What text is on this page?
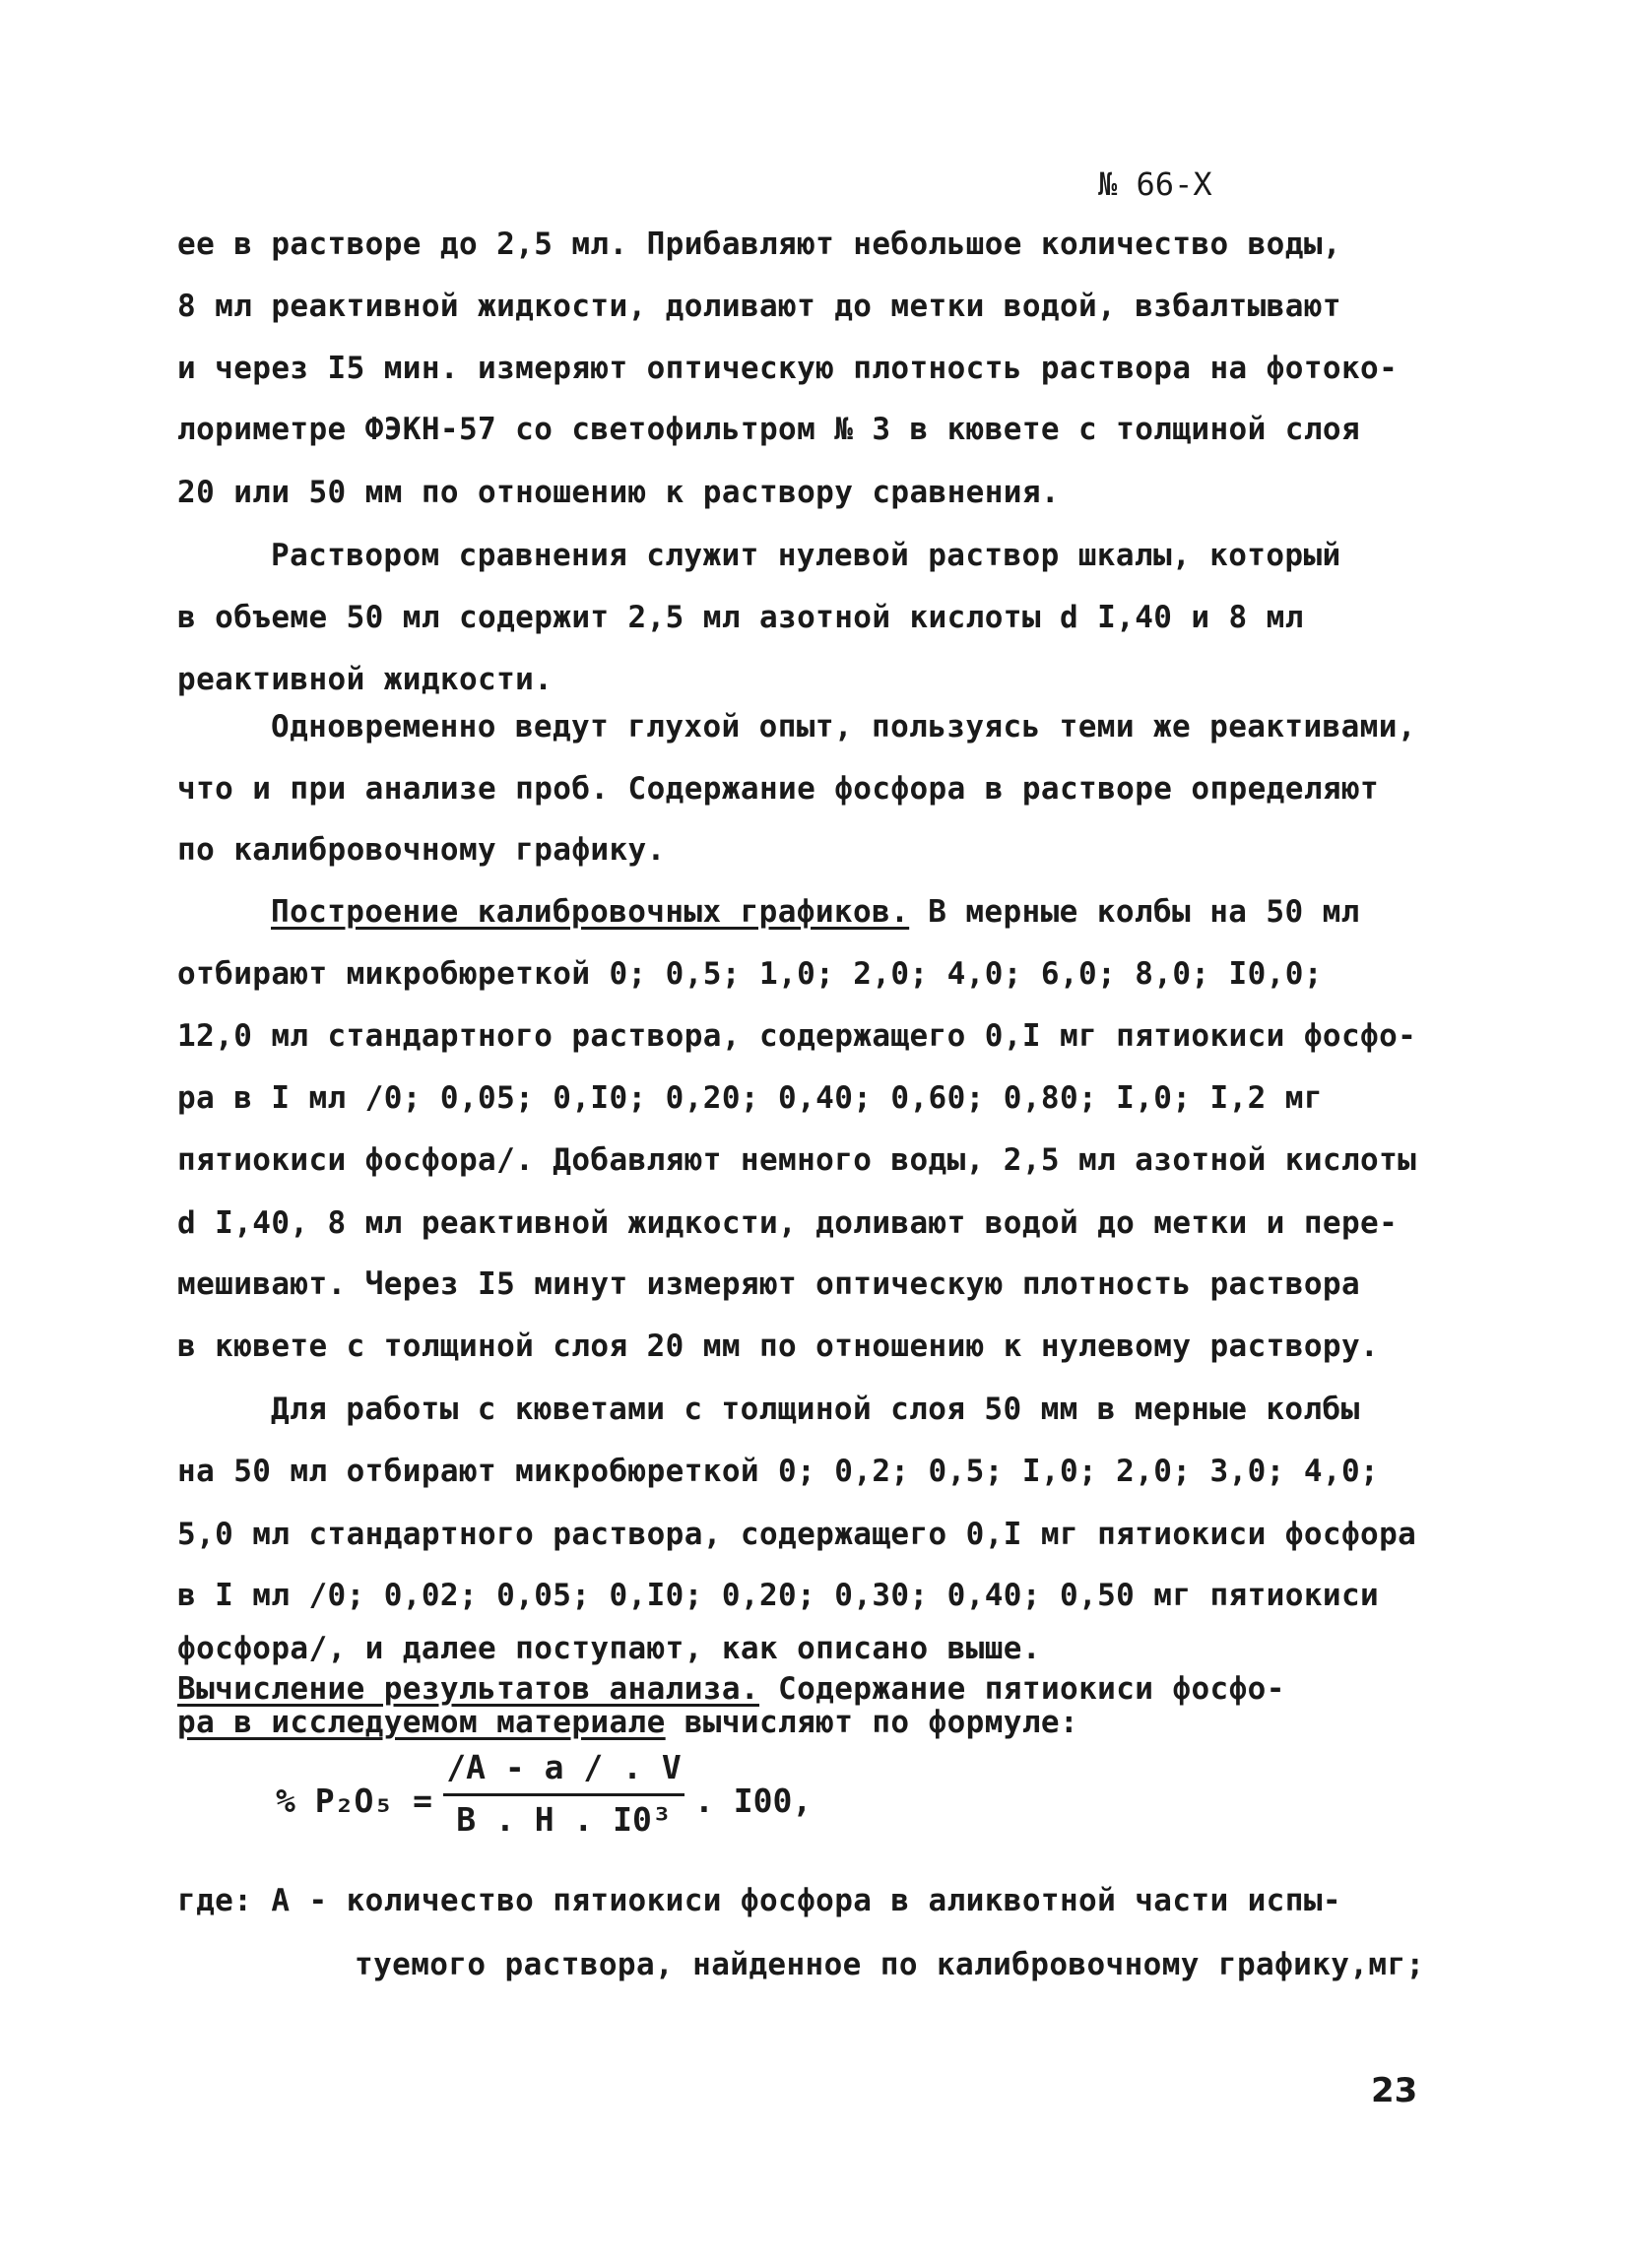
№ 66-Х
ее в растворе до 2,5 мл. Прибавляют небольшое количество воды,
8 мл реактивной жидкости, доливают до метки водой, взбалтывают
и через I5 мин. измеряют оптическую плотность раствора на фотоко-
лориметре ФЭКН-57 со светофильтром № 3 в кювете с толщиной слоя
20 или 50 мм по отношению к раствору сравнения.
Раствором сравнения служит нулевой раствор шкалы, который
в объеме 50 мл содержит 2,5 мл азотной кислоты d I,40 и 8 мл
реактивной жидкости.
Одновременно ведут глухой опыт, пользуясь теми же реактивами,
что и при анализе проб. Содержание фосфора в растворе определяют
по калибровочному графику.
Построение калибровочных графиков. В мерные колбы на 50 мл
отбирают микробюреткой 0; 0,5; 1,0; 2,0; 4,0; 6,0; 8,0; I0,0;
12,0 мл стандартного раствора, содержащего 0,I мг пятиокиси фосфо-
ра в I мл /0; 0,05; 0,I0; 0,20; 0,40; 0,60; 0,80; I,0; I,2 мг
пятиокиси фосфора/. Добавляют немного воды, 2,5 мл азотной кислоты
d I,40, 8 мл реактивной жидкости, доливают водой до метки и пере-
мешивают. Через I5 минут измеряют оптическую плотность раствора
в кювете с толщиной слоя 20 мм по отношению к нулевому раствору.
Для работы с кюветами с толщиной слоя 50 мм в мерные колбы
на 50 мл отбирают микробюреткой 0; 0,2; 0,5; I,0; 2,0; 3,0; 4,0;
5,0 мл стандартного раствора, содержащего 0,I мг пятиокиси фосфора
в I мл /0; 0,02; 0,05; 0,I0; 0,20; 0,30; 0,40; 0,50 мг пятиокиси
фосфора/, и далее поступают, как описано выше.
Вычисление результатов анализа. Содержание пятиокиси фосфо-
ра в исследуемом материале вычисляют по формуле:
% P₂O₅ =
/А - а / . V
В . Н . I0³ . I00,
где: А - количество пятиокиси фосфора в аликвотной части испы-
туемого раствора, найденное по калибровочному графику,мг;
23
